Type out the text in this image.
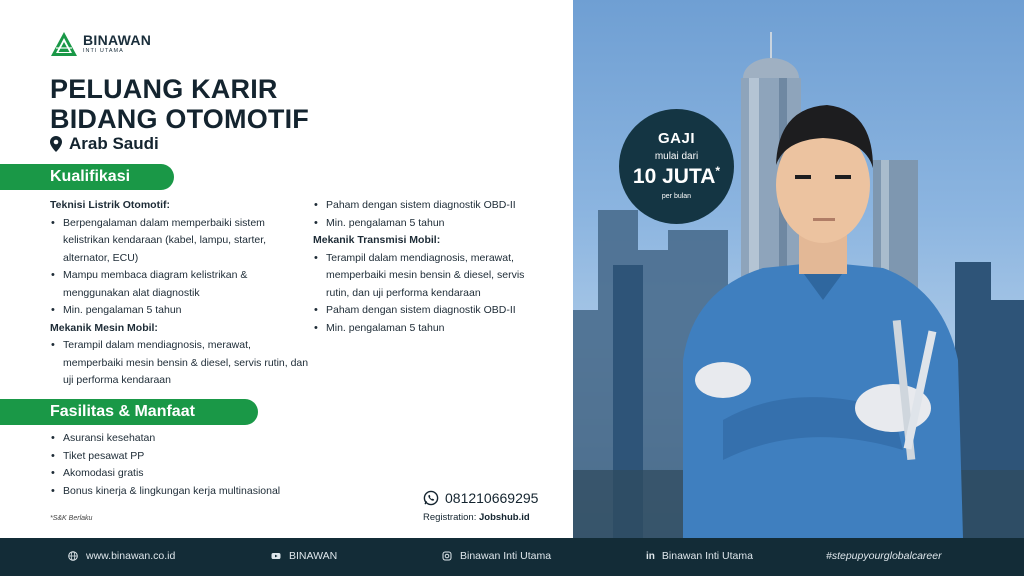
BINAWAN
INTI UTAMA
PELUANG KARIR
BIDANG OTOMOTIF
Arab Saudi
Kualifikasi
Teknisi Listrik Otomotif:
• Berpengalaman dalam memperbaiki sistem kelistrikan kendaraan (kabel, lampu, starter, alternator, ECU)
• Mampu membaca diagram kelistrikan & menggunakan alat diagnostik
• Min. pengalaman 5 tahun
Mekanik Mesin Mobil:
• Terampil dalam mendiagnosis, merawat, memperbaiki mesin bensin & diesel, servis rutin, dan uji performa kendaraan
• Paham dengan sistem diagnostik OBD-II
• Min. pengalaman 5 tahun
Mekanik Transmisi Mobil:
• Terampil dalam mendiagnosis, merawat, memperbaiki mesin bensin & diesel, servis rutin, dan uji performa kendaraan
• Paham dengan sistem diagnostik OBD-II
• Min. pengalaman 5 tahun
Fasilitas & Manfaat
• Asuransi kesehatan
• Tiket pesawat PP
• Akomodasi gratis
• Bonus kinerja & lingkungan kerja multinasional
*S&K Berlaku
081210669295
Registration: Jobshub.id
GAJI
mulai dari
10 JUTA*
per bulan
www.binawan.co.id	BINAWAN	Binawan Inti Utama	in Binawan Inti Utama	#stepupyourglobalcareer
